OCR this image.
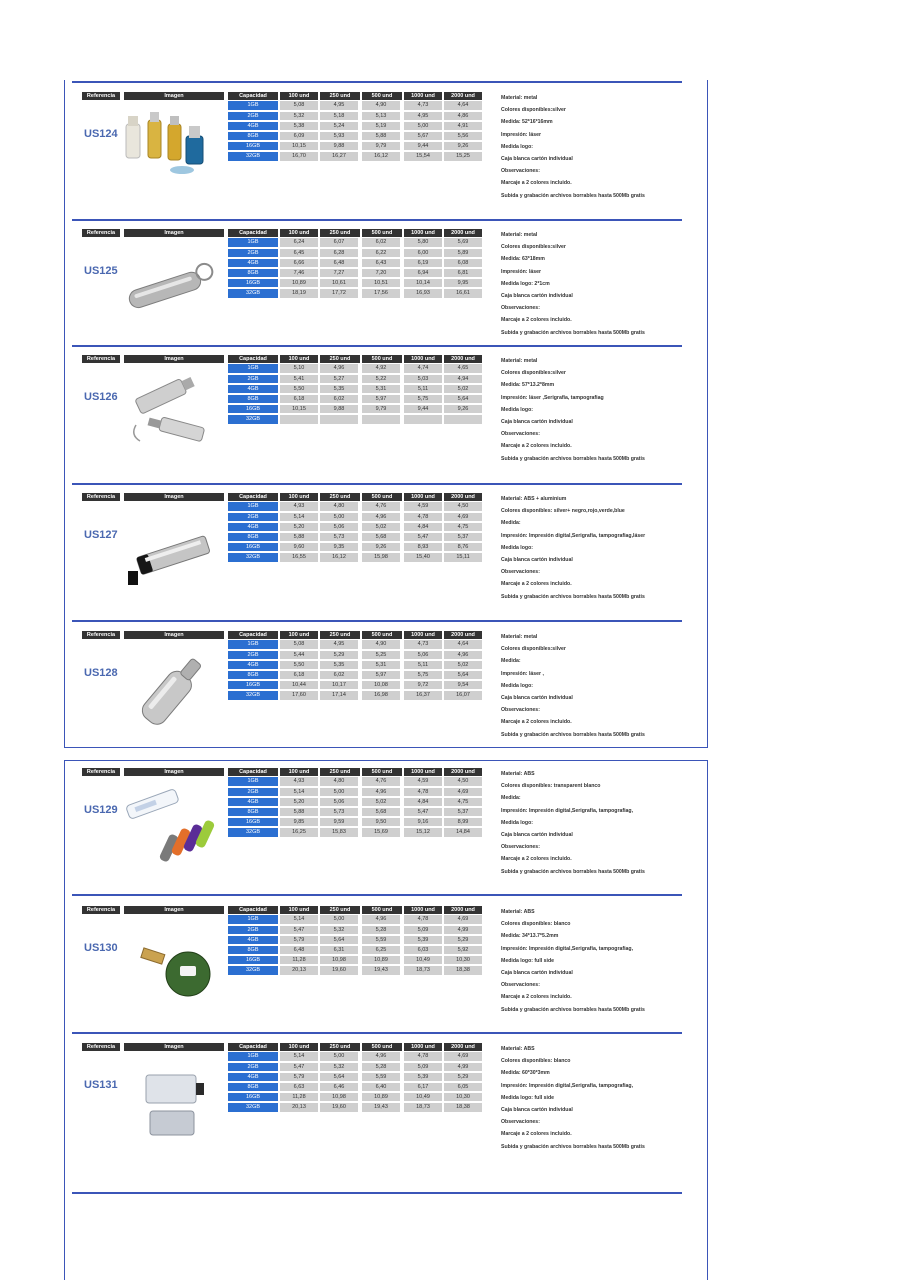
Referencia	Imagen	Capacidad	100 und	250 und	500 und	1000 und	2000 und
US124
1GB	5,08	4,95	4,90	4,73	4,64
2GB	5,32	5,18	5,13	4,95	4,86
4GB	5,38	5,24	5,19	5,00	4,91
8GB	6,09	5,93	5,88	5,67	5,56
16GB	10,15	9,88	9,79	9,44	9,26
32GB	16,70	16,27	16,12	15,54	15,25
Material: metal
Colores disponibles:silver
Medida: 52*16*16mm
Impresión: láser
Medida logo:
Caja blanca cartón individual
Observaciones:
Marcaje a 2 colores incluido.
Subida y grabación archivos borrables hasta 500Mb gratis
Referencia	Imagen	Capacidad	100 und	250 und	500 und	1000 und	2000 und
US125
1GB	6,24	6,07	6,02	5,80	5,69
2GB	6,45	6,28	6,22	6,00	5,89
4GB	6,66	6,48	6,43	6,19	6,08
8GB	7,46	7,27	7,20	6,94	6,81
16GB	10,89	10,61	10,51	10,14	9,95
32GB	18,19	17,72	17,56	16,93	16,61
Material: metal
Colores disponibles:silver
Medida: 63*18mm
Impresión: láser
Medida logo: 2*1cm
Caja blanca cartón individual
Observaciones:
Marcaje a 2 colores incluido.
Subida y grabación archivos borrables hasta 500Mb gratis
Referencia	Imagen	Capacidad	100 und	250 und	500 und	1000 und	2000 und
US126
1GB	5,10	4,96	4,92	4,74	4,65
2GB	5,41	5,27	5,22	5,03	4,94
4GB	5,50	5,35	5,31	5,11	5,02
8GB	6,18	6,02	5,97	5,75	5,64
16GB	10,15	9,88	9,79	9,44	9,26
32GB
Material: metal
Colores disponibles:silver
Medida: 57*13.2*8mm
Impresión: láser ,Serigrafía, tampografiag
Medida logo:
Caja blanca cartón individual
Observaciones:
Marcaje a 2 colores incluido.
Subida y grabación archivos borrables hasta 500Mb gratis
Referencia	Imagen	Capacidad	100 und	250 und	500 und	1000 und	2000 und
US127
1GB	4,93	4,80	4,76	4,59	4,50
2GB	5,14	5,00	4,96	4,78	4,69
4GB	5,20	5,06	5,02	4,84	4,75
8GB	5,88	5,73	5,68	5,47	5,37
16GB	9,60	9,35	9,26	8,93	8,76
32GB	16,55	16,12	15,98	15,40	15,11
Material: ABS + aluminium
Colores disponibles: silver+ negro,rojo,verde,blue
Medida:
Impresión: Impresión digital,Serigrafía, tampografiag,láser
Medida logo:
Caja blanca cartón individual
Observaciones:
Marcaje a 2 colores incluido.
Subida y grabación archivos borrables hasta 500Mb gratis
Referencia	Imagen	Capacidad	100 und	250 und	500 und	1000 und	2000 und
US128
1GB	5,08	4,95	4,90	4,73	4,64
2GB	5,44	5,29	5,25	5,06	4,96
4GB	5,50	5,35	5,31	5,11	5,02
8GB	6,18	6,02	5,97	5,75	5,64
16GB	10,44	10,17	10,08	9,72	9,54
32GB	17,60	17,14	16,98	16,37	16,07
Material: metal
Colores disponibles:silver
Medida:
Impresión: láser ,
Medida logo:
Caja blanca cartón individual
Observaciones:
Marcaje a 2 colores incluido.
Subida y grabación archivos borrables hasta 500Mb gratis
Referencia	Imagen	Capacidad	100 und	250 und	500 und	1000 und	2000 und
US129
1GB	4,93	4,80	4,76	4,59	4,50
2GB	5,14	5,00	4,96	4,78	4,69
4GB	5,20	5,06	5,02	4,84	4,75
8GB	5,88	5,73	5,68	5,47	5,37
16GB	9,85	9,59	9,50	9,16	8,99
32GB	16,25	15,83	15,69	15,12	14,84
Material: ABS
Colores disponibles: transparent blanco
Medida:
Impresión: Impresión digital,Serigrafía, tampografiag,
Medida logo:
Caja blanca cartón individual
Observaciones:
Marcaje a 2 colores incluido.
Subida y grabación archivos borrables hasta 500Mb gratis
Referencia	Imagen	Capacidad	100 und	250 und	500 und	1000 und	2000 und
US130
1GB	5,14	5,00	4,96	4,78	4,69
2GB	5,47	5,32	5,28	5,09	4,99
4GB	5,79	5,64	5,59	5,39	5,29
8GB	6,48	6,31	6,25	6,03	5,92
16GB	11,28	10,98	10,89	10,49	10,30
32GB	20,13	19,60	19,43	18,73	18,38
Material: ABS
Colores disponibles: blanco
Medida: 34*13.7*5.2mm
Impresión: Impresión digital,Serigrafía, tampografiag,
Medida logo: full side
Caja blanca cartón individual
Observaciones:
Marcaje a 2 colores incluido.
Subida y grabación archivos borrables hasta 500Mb gratis
Referencia	Imagen	Capacidad	100 und	250 und	500 und	1000 und	2000 und
US131
1GB	5,14	5,00	4,96	4,78	4,69
2GB	5,47	5,32	5,28	5,09	4,99
4GB	5,79	5,64	5,59	5,39	5,29
8GB	6,63	6,46	6,40	6,17	6,05
16GB	11,28	10,98	10,89	10,49	10,30
32GB	20,13	19,60	19,43	18,73	18,38
Material: ABS
Colores disponibles: blanco
Medida: 60*30*3mm
Impresión: Impresión digital,Serigrafía, tampografiag,
Medida logo: full side
Caja blanca cartón individual
Observaciones:
Marcaje a 2 colores incluido.
Subida y grabación archivos borrables hasta 500Mb gratis
